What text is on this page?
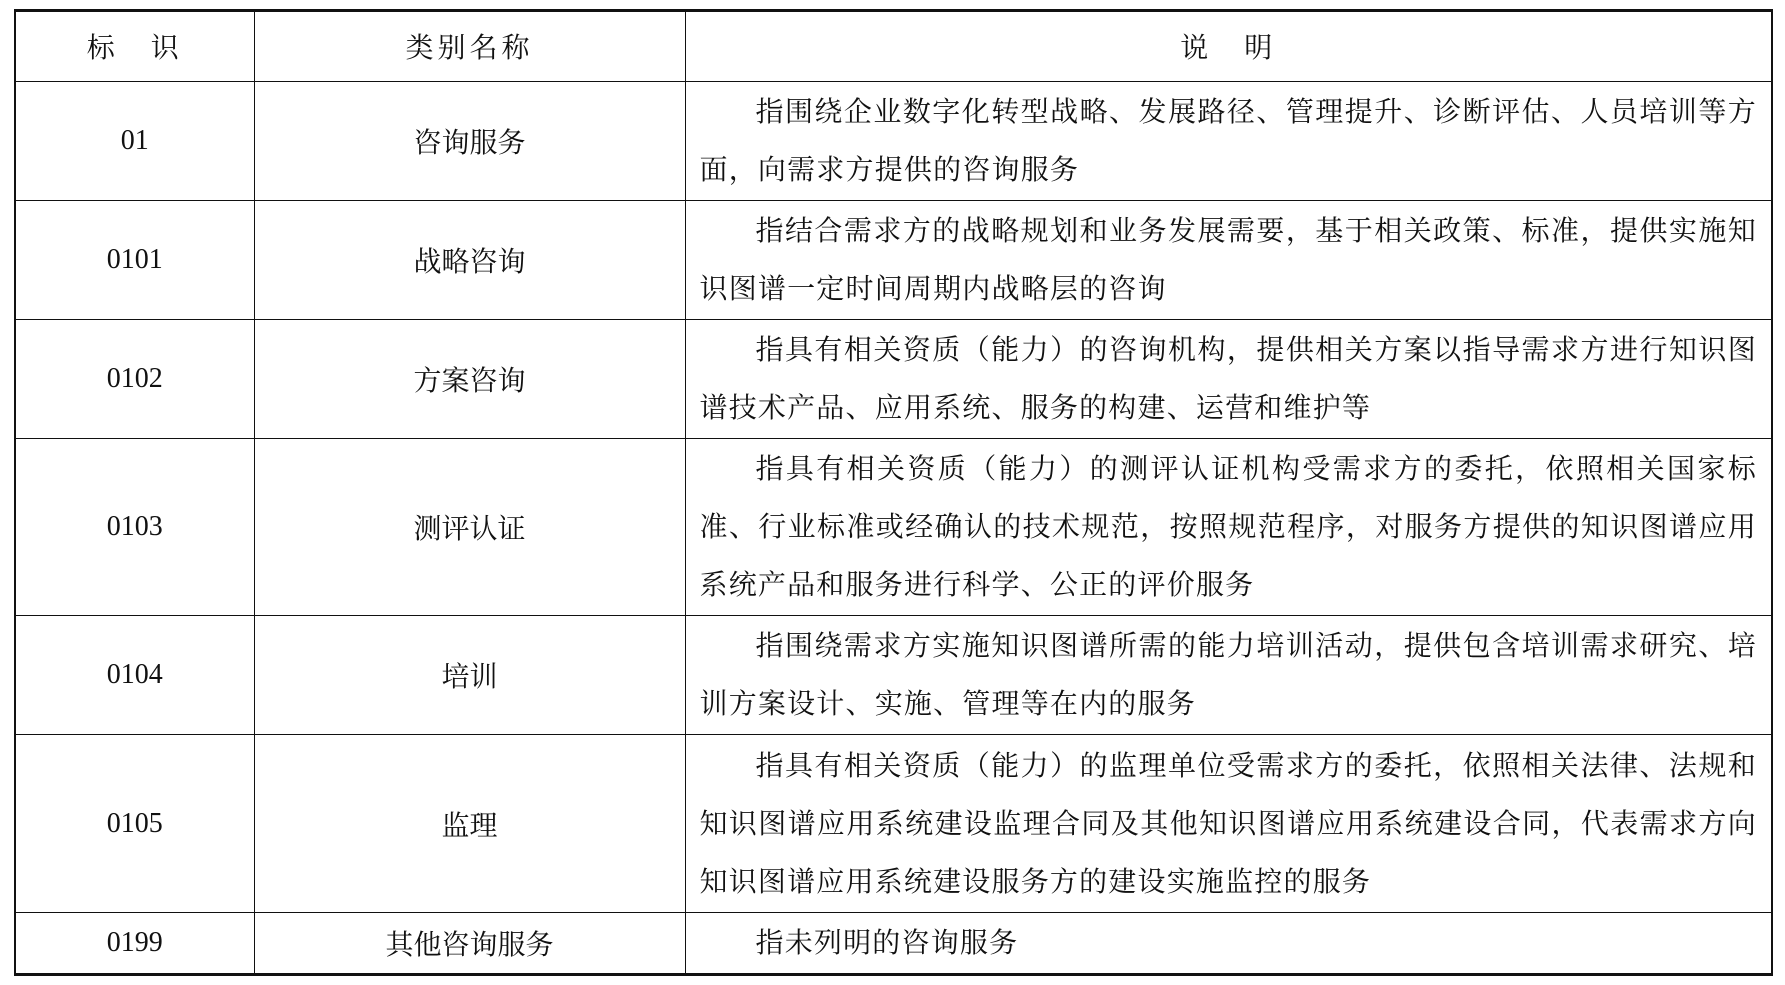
标　识	类别名称	说　明
01	咨询服务	指围绕企业数字化转型战略、发展路径、管理提升、诊断评估、人员培训等方面，向需求方提供的咨询服务
0101	战略咨询	指结合需求方的战略规划和业务发展需要，基于相关政策、标准，提供实施知识图谱一定时间周期内战略层的咨询
0102	方案咨询	指具有相关资质（能力）的咨询机构，提供相关方案以指导需求方进行知识图谱技术产品、应用系统、服务的构建、运营和维护等
0103	测评认证	指具有相关资质（能力）的测评认证机构受需求方的委托，依照相关国家标准、行业标准或经确认的技术规范，按照规范程序，对服务方提供的知识图谱应用系统产品和服务进行科学、公正的评价服务
0104	培训	指围绕需求方实施知识图谱所需的能力培训活动，提供包含培训需求研究、培训方案设计、实施、管理等在内的服务
0105	监理	指具有相关资质（能力）的监理单位受需求方的委托，依照相关法律、法规和知识图谱应用系统建设监理合同及其他知识图谱应用系统建设合同，代表需求方向知识图谱应用系统建设服务方的建设实施监控的服务
0199	其他咨询服务	指未列明的咨询服务
